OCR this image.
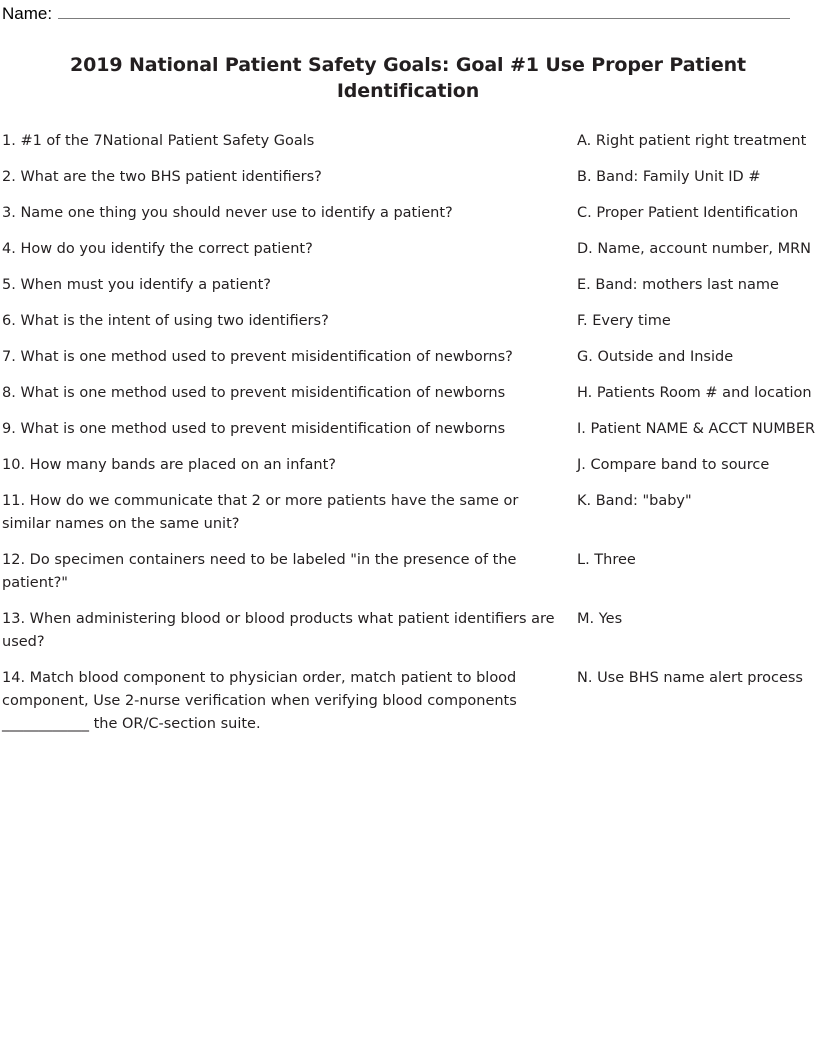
Name:
2019 National Patient Safety Goals: Goal #1 Use Proper Patient Identification
1. #1 of the 7National Patient Safety Goals	A. Right patient right treatment
2. What are the two BHS patient identifiers?	B. Band: Family Unit ID #
3. Name one thing you should never use to identify a patient?	C. Proper Patient Identification
4. How do you identify the correct patient?	D. Name, account number, MRN
5. When must you identify a patient?	E. Band: mothers last name
6. What is the intent of using two identifiers?	F. Every time
7. What is one method used to prevent misidentification of newborns?	G. Outside and Inside
8. What is one method used to prevent misidentification of newborns	H. Patients Room # and location
9. What is one method used to prevent misidentification of newborns	I. Patient NAME & ACCT NUMBER
10. How many bands are placed on an infant?	J. Compare band to source
11. How do we communicate that 2 or more patients have the same or similar names on the same unit?
K. Band: "baby"
12. Do specimen containers need to be labeled "in the presence of the patient?"
L. Three
13. When administering blood or blood products what patient identifiers are used?
M. Yes
14. Match blood component to physician order, match patient to blood component, Use 2-nurse verification when verifying blood components ____________ the OR/C-section suite.
N. Use BHS name alert process
